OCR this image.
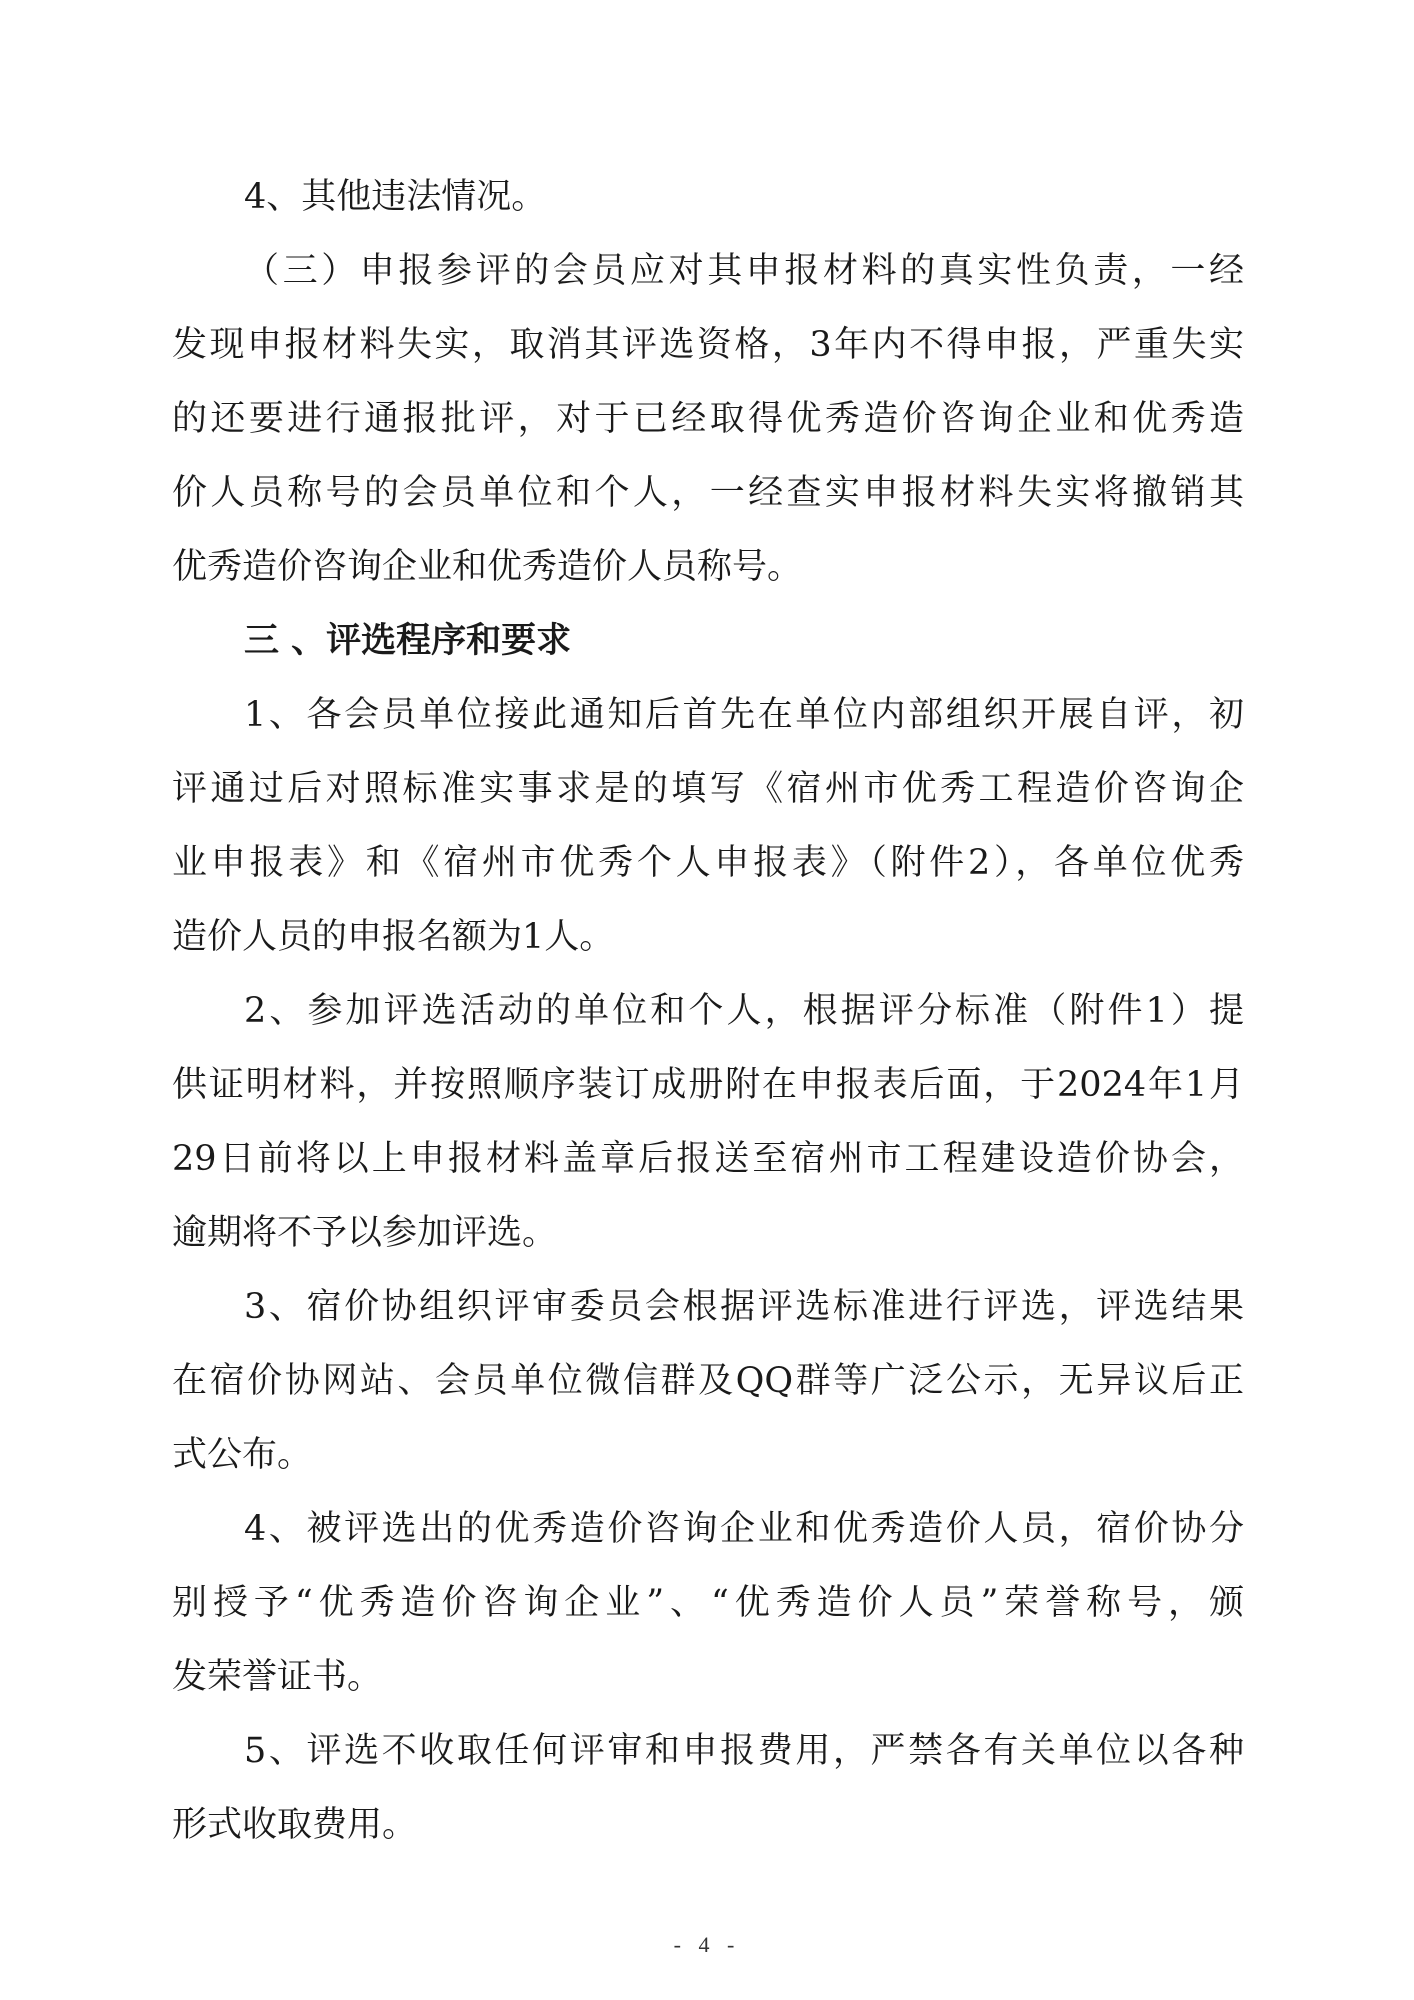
4、其他违法情况。
（三）申报参评的会员应对其申报材料的真实性负责，一经
发现申报材料失实，取消其评选资格，3年内不得申报，严重失实
的还要进行通报批评，对于已经取得优秀造价咨询企业和优秀造
价人员称号的会员单位和个人，一经查实申报材料失实将撤销其
优秀造价咨询企业和优秀造价人员称号。
三 、评选程序和要求
1、各会员单位接此通知后首先在单位内部组织开展自评，初
评通过后对照标准实事求是的填写《宿州市优秀工程造价咨询企
业申报表》和《宿州市优秀个人申报表》（附件2），各单位优秀
造价人员的申报名额为1人。
2、参加评选活动的单位和个人，根据评分标准（附件1）提
供证明材料，并按照顺序装订成册附在申报表后面，于2024年1月
29日前将以上申报材料盖章后报送至宿州市工程建设造价协会，
逾期将不予以参加评选。
3、宿价协组织评审委员会根据评选标准进行评选，评选结果
在宿价协网站、会员单位微信群及QQ群等广泛公示，无异议后正
式公布。
4、被评选出的优秀造价咨询企业和优秀造价人员，宿价协分
别授予“优秀造价咨询企业”、“优秀造价人员”荣誉称号，颁
发荣誉证书。
5、评选不收取任何评审和申报费用，严禁各有关单位以各种
形式收取费用。
- 4 -
